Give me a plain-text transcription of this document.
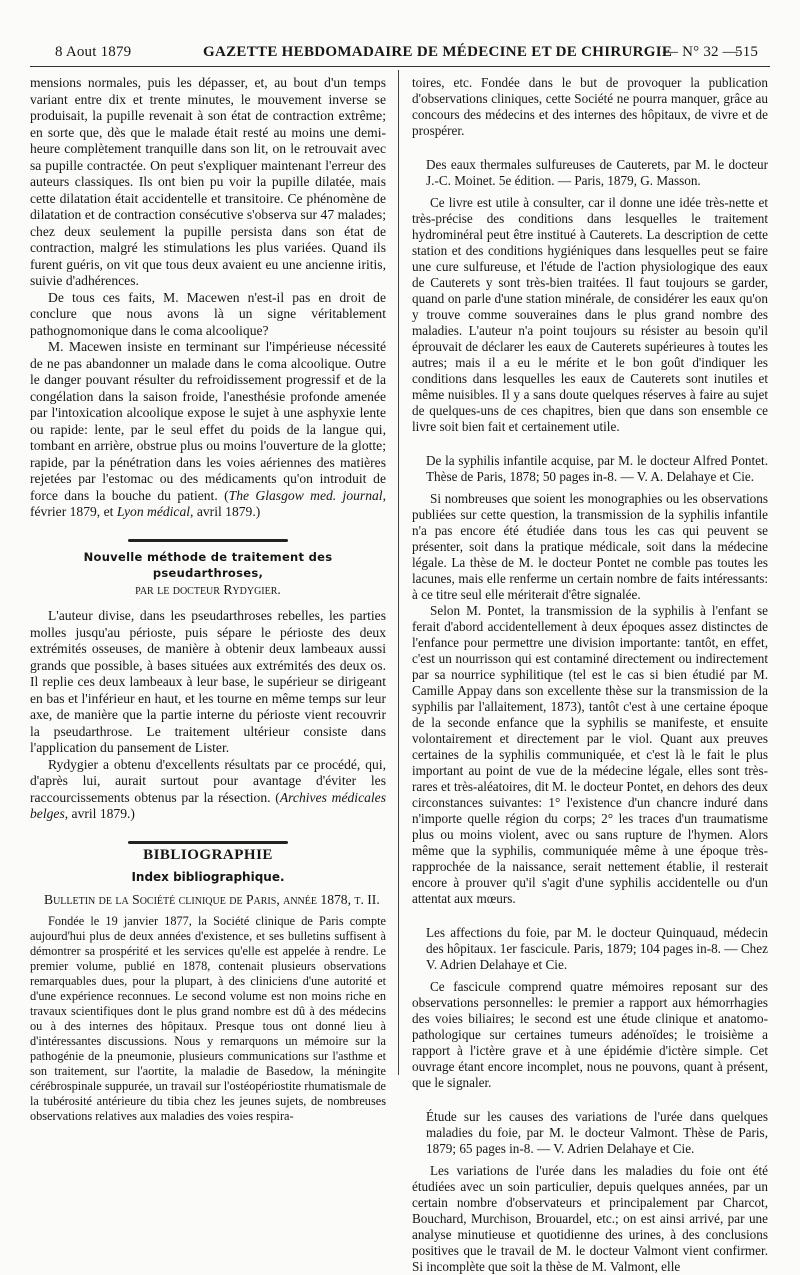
8 Aout 1879	GAZETTE HEBDOMADAIRE DE MÉDECINE ET DE CHIRURGIE
— N° 32 —
515

mensions normales, puis les dépasser, et, au bout d'un temps variant entre dix et trente minutes, le mouvement inverse se produisait, la pupille revenait à son état de contraction extrême; en sorte que, dès que le malade était resté au moins une demi-heure complètement tranquille dans son lit, on le retrouvait avec sa pupille contractée. On peut s'expliquer maintenant l'erreur des auteurs classiques. Ils ont bien pu voir la pupille dilatée, mais cette dilatation était accidentelle et transitoire. Ce phénomène de dilatation et de contraction consécutive s'observa sur 47 malades; chez deux seulement la pupille persista dans son état de contraction, malgré les stimulations les plus variées. Quand ils furent guéris, on vit que tous deux avaient eu une ancienne iritis, suivie d'adhérences.

De tous ces faits, M. Macewen n'est-il pas en droit de conclure que nous avons là un signe véritablement pathognomonique dans le coma alcoolique?

M. Macewen insiste en terminant sur l'impérieuse nécessité de ne pas abandonner un malade dans le coma alcoolique. Outre le danger pouvant résulter du refroidissement progressif et de la congélation dans la saison froide, l'anesthésie profonde amenée par l'intoxication alcoolique expose le sujet à une asphyxie lente ou rapide: lente, par le seul effet du poids de la langue qui, tombant en arrière, obstrue plus ou moins l'ouverture de la glotte; rapide, par la pénétration dans les voies aériennes des matières rejetées par l'estomac ou des médicaments qu'on introduit de force dans la bouche du patient. (The Glasgow med. journal, février 1879, et Lyon médical, avril 1879.)

Nouvelle méthode de traitement des pseudarthroses,

par le docteur Rydygier.

L'auteur divise, dans les pseudarthroses rebelles, les parties molles jusqu'au périoste, puis sépare le périoste des deux extrémités osseuses, de manière à obtenir deux lambeaux aussi grands que possible, à bases situées aux extrémités des deux os. Il replie ces deux lambeaux à leur base, le supérieur se dirigeant en bas et l'inférieur en haut, et les tourne en même temps sur leur axe, de manière que la partie interne du périoste vient recouvrir la pseudarthrose. Le traitement ultérieur consiste dans l'application du pansement de Lister.

Rydygier a obtenu d'excellents résultats par ce procédé, qui, d'après lui, aurait surtout pour avantage d'éviter les raccourcissements obtenus par la résection. (Archives médicales belges, avril 1879.)

BIBLIOGRAPHIE
Index bibliographique.

Bulletin de la Société clinique de Paris, année 1878, t. II.

Fondée le 19 janvier 1877, la Société clinique de Paris compte aujourd'hui plus de deux années d'existence, et ses bulletins suffisent à démontrer sa prospérité et les services qu'elle est appelée à rendre. Le premier volume, publié en 1878, contenait plusieurs observations remarquables dues, pour la plupart, à des cliniciens d'une autorité et d'une expérience reconnues. Le second volume est non moins riche en travaux scientifiques dont le plus grand nombre est dû à des médecins ou à des internes des hôpitaux. Presque tous ont donné lieu à d'intéressantes discussions. Nous y remarquons un mémoire sur la pathogénie de la pneumonie, plusieurs communications sur l'asthme et son traitement, sur l'aortite, la maladie de Basedow, la méningite cérébrospinale suppurée, un travail sur l'ostéopériostite rhumatismale de la tubérosité antérieure du tibia chez les jeunes sujets, de nombreuses observations relatives aux maladies des voies respira-

toires, etc. Fondée dans le but de provoquer la publication d'observations cliniques, cette Société ne pourra manquer, grâce au concours des médecins et des internes des hôpitaux, de vivre et de prospérer.

Des eaux thermales sulfureuses de Cauterets, par M. le docteur J.-C. Moinet. 5e édition. — Paris, 1879, G. Masson.

Ce livre est utile à consulter, car il donne une idée très-nette et très-précise des conditions dans lesquelles le traitement hydrominéral peut être institué à Cauterets. La description de cette station et des conditions hygiéniques dans lesquelles peut se faire une cure sulfureuse, et l'étude de l'action physiologique des eaux de Cauterets y sont très-bien traitées. Il faut toujours se garder, quand on parle d'une station minérale, de considérer les eaux qu'on y trouve comme souveraines dans le plus grand nombre des maladies. L'auteur n'a point toujours su résister au besoin qu'il éprouvait de déclarer les eaux de Cauterets supérieures à toutes les autres; mais il a eu le mérite et le bon goût d'indiquer les conditions dans lesquelles les eaux de Cauterets sont inutiles et même nuisibles. Il y a sans doute quelques réserves à faire au sujet de quelques-uns de ces chapitres, bien que dans son ensemble ce livre soit bien fait et certainement utile.

De la syphilis infantile acquise, par M. le docteur Alfred Pontet. Thèse de Paris, 1878; 50 pages in-8. — V. A. Delahaye et Cie.

Si nombreuses que soient les monographies ou les observations publiées sur cette question, la transmission de la syphilis infantile n'a pas encore été étudiée dans tous les cas qui peuvent se présenter, soit dans la pratique médicale, soit dans la médecine légale. La thèse de M. le docteur Pontet ne comble pas toutes les lacunes, mais elle renferme un certain nombre de faits intéressants: à ce titre seul elle mériterait d'être signalée.

Selon M. Pontet, la transmission de la syphilis à l'enfant se ferait d'abord accidentellement à deux époques assez distinctes de l'enfance pour permettre une division importante: tantôt, en effet, c'est un nourrisson qui est contaminé directement ou indirectement par sa nourrice syphilitique (tel est le cas si bien étudié par M. Camille Appay dans son excellente thèse sur la transmission de la syphilis par l'allaitement, 1873), tantôt c'est à une certaine époque de la seconde enfance que la syphilis se manifeste, et ensuite volontairement et directement par le viol. Quant aux preuves certaines de la syphilis communiquée, et c'est là le fait le plus important au point de vue de la médecine légale, elles sont très-rares et très-aléatoires, dit M. le docteur Pontet, en dehors des deux circonstances suivantes: 1° l'existence d'un chancre induré dans n'importe quelle région du corps; 2° les traces d'un traumatisme plus ou moins violent, avec ou sans rupture de l'hymen. Alors même que la syphilis, communiquée même à une époque très-rapprochée de la naissance, serait nettement établie, il resterait encore à prouver qu'il s'agit d'une syphilis accidentelle ou d'un attentat aux mœurs.

Les affections du foie, par M. le docteur Quinquaud, médecin des hôpitaux. 1er fascicule. Paris, 1879; 104 pages in-8. — Chez V. Adrien Delahaye et Cie.

Ce fascicule comprend quatre mémoires reposant sur des observations personnelles: le premier a rapport aux hémorrhagies des voies biliaires; le second est une étude clinique et anatomo-pathologique sur certaines tumeurs adénoïdes; le troisième a rapport à l'ictère grave et à une épidémie d'ictère simple. Cet ouvrage étant encore incomplet, nous ne pouvons, quant à présent, que le signaler.

Étude sur les causes des variations de l'urée dans quelques maladies du foie, par M. le docteur Valmont. Thèse de Paris, 1879; 65 pages in-8. — V. Adrien Delahaye et Cie.

Les variations de l'urée dans les maladies du foie ont été étudiées avec un soin particulier, depuis quelques années, par un certain nombre d'observateurs et principalement par Charcot, Bouchard, Murchison, Brouardel, etc.; on est ainsi arrivé, par une analyse minutieuse et quotidienne des urines, à des conclusions positives que le travail de M. le docteur Valmont vient confirmer. Si incomplète que soit la thèse de M. Valmont, elle
